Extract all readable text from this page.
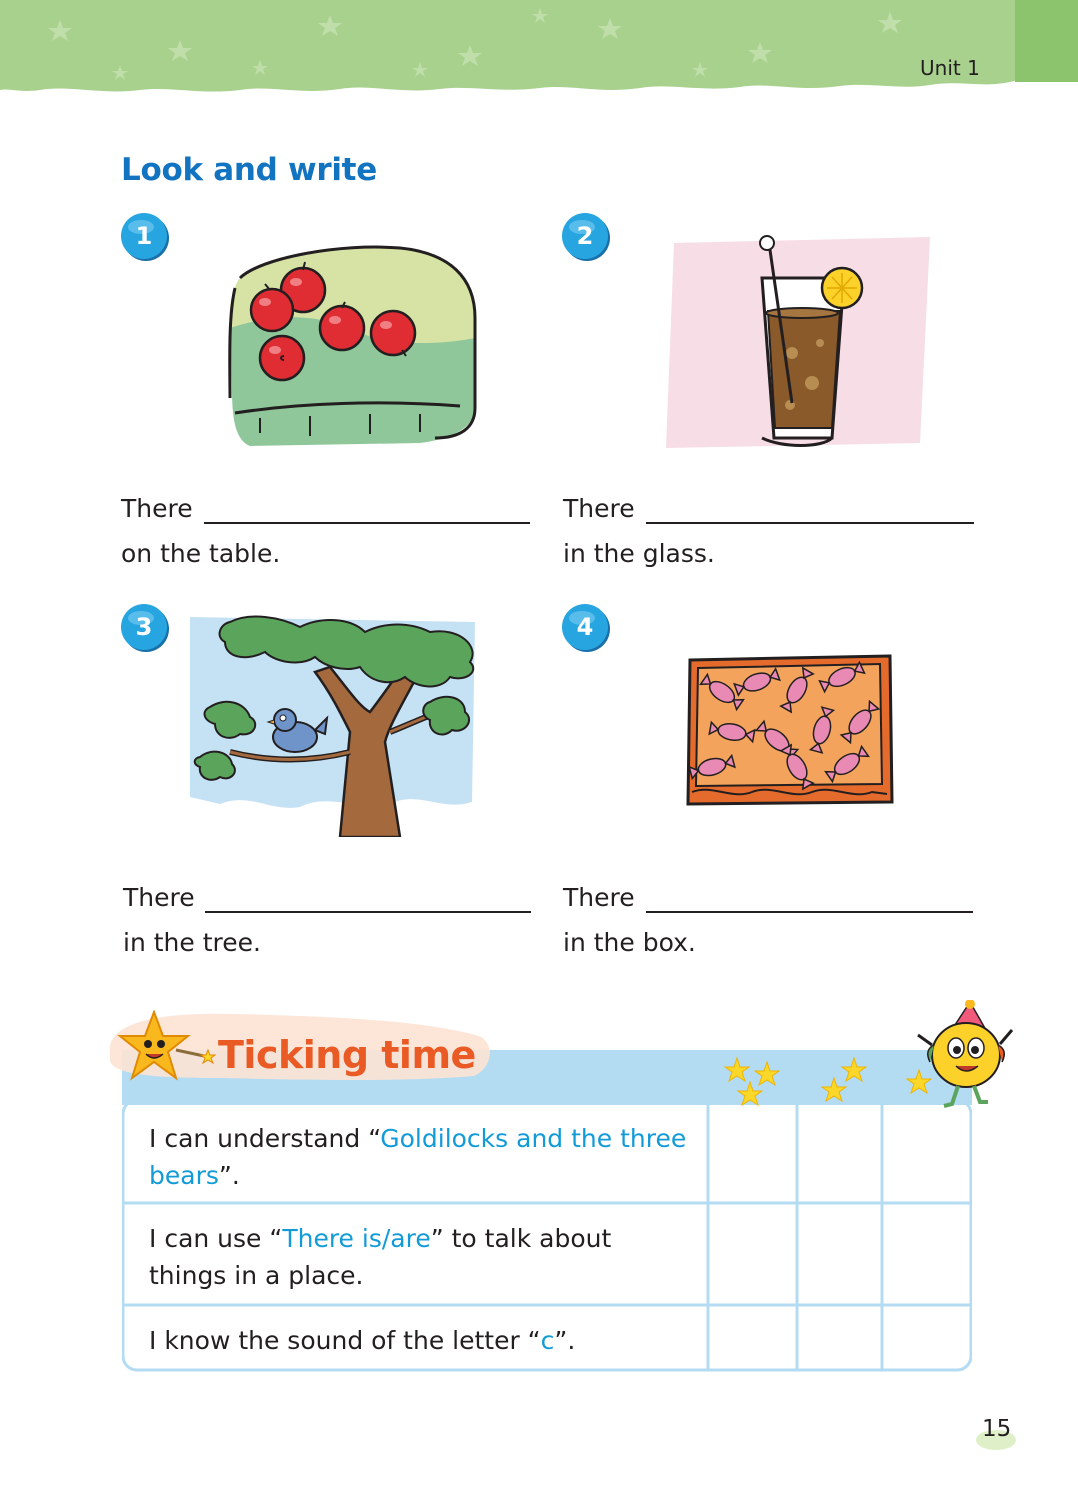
Unit 1
Look and write
1	2
3	4
There
on the table.
There
in the glass.
There
in the tree.
There
in the box.
Ticking time
I can understand “Goldilocks and the three bears”.
I can use “There is/are” to talk about things in a place.
I know the sound of the letter “c”.
15
